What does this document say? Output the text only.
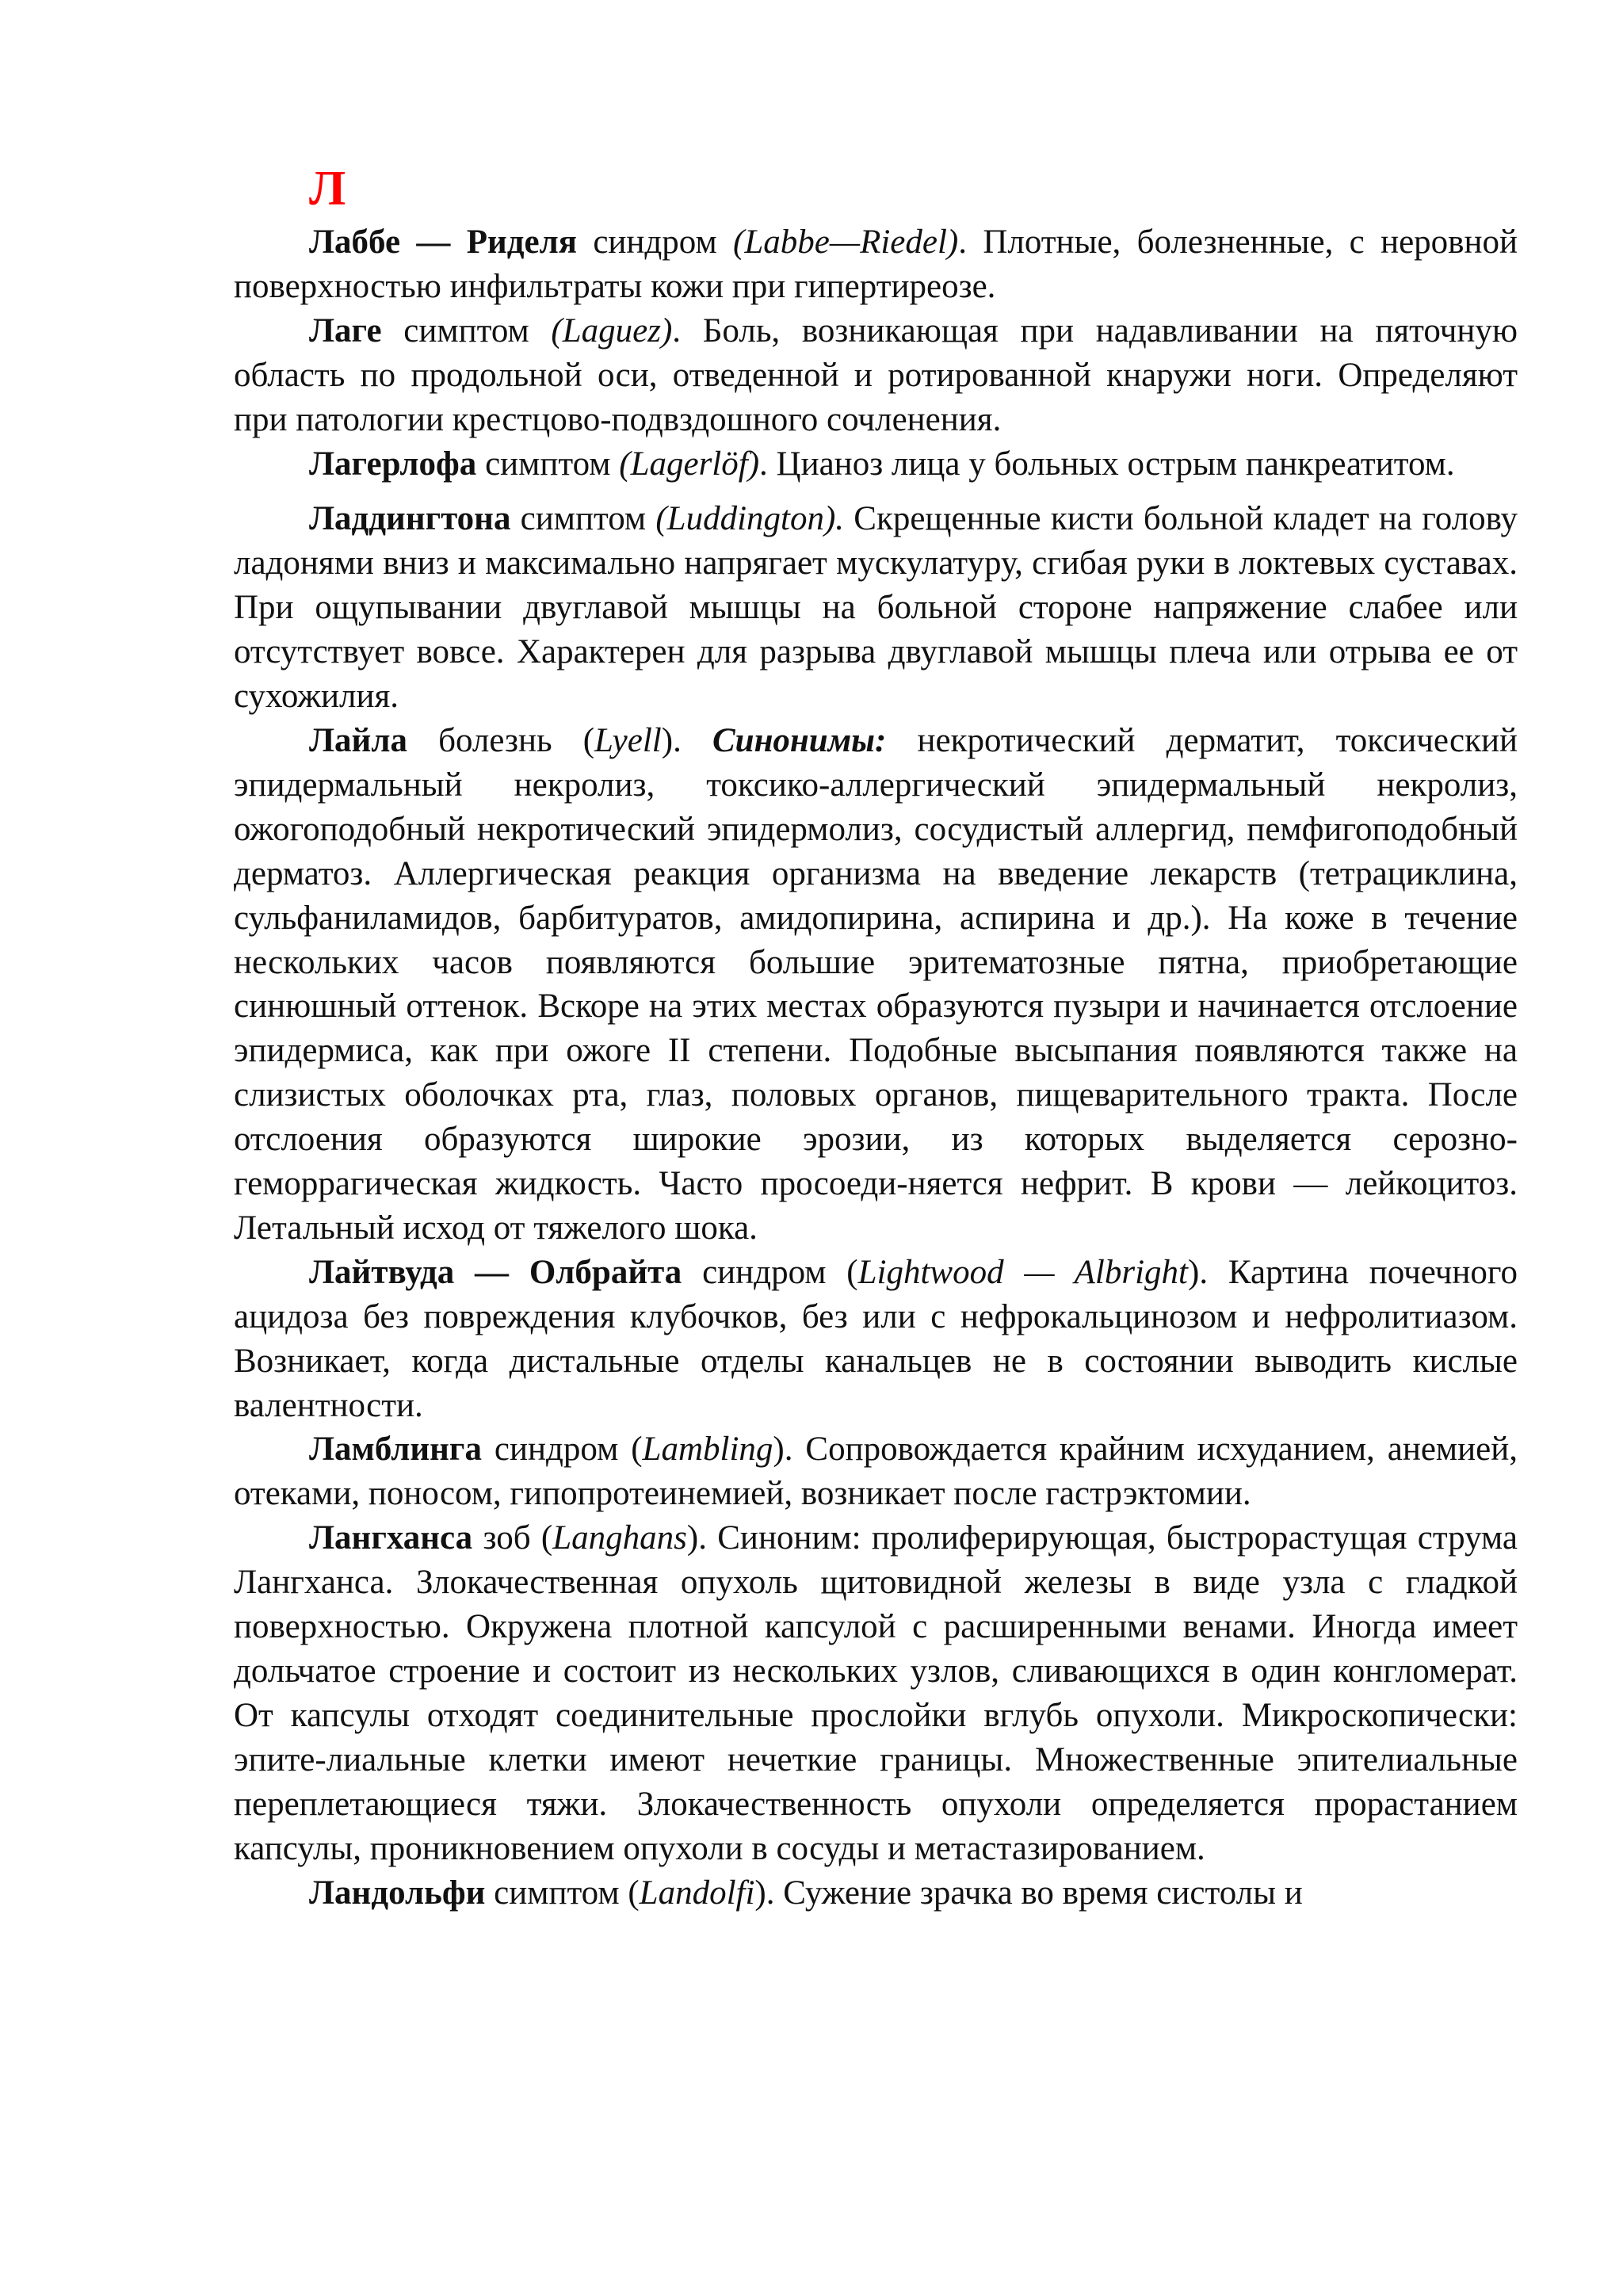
Л

Лаббе — Риделя синдром (Labbe—Riedel). Плотные, болезненные, с неровной поверхностью инфильтраты кожи при гипертиреозе.

Лаге симптом (Laguez). Боль, возникающая при надавливании на пяточную область по продольной оси, отведенной и ротированной кнаружи ноги. Определяют при патологии крестцово-подвздошного сочленения.

Лагерлофа симптом (Lagerlöf). Цианоз лица у больных острым панкреатитом.

Ладдингтона симптом (Luddington). Скрещенные кисти больной кладет на голову ладонями вниз и максимально напрягает мускулатуру, сгибая руки в локтевых суставах. При ощупывании двуглавой мышцы на больной стороне напряжение слабее или отсутствует вовсе. Характерен для разрыва двуглавой мышцы плеча или отрыва ее от сухожилия.

Лайла болезнь (Lyell). Синонимы: некротический дерматит, токсический эпидермальный некролиз, токсико-аллергический эпидермальный некролиз, ожогоподобный некротический эпидермолиз, сосудистый аллергид, пемфигоподобный дерматоз. Аллергическая реакция организма на введение лекарств (тетрациклина, сульфаниламидов, барбитуратов, амидопирина, аспирина и др.). На коже в течение нескольких часов появляются большие эритематозные пятна, приобретающие синюшный оттенок. Вскоре на этих местах образуются пузыри и начинается отслоение эпидермиса, как при ожоге II степени. Подобные высыпания появляются также на слизистых оболочках рта, глаз, половых органов, пищеварительного тракта. После отслоения образуются широкие эрозии, из которых выделяется серозно-геморрагическая жидкость. Часто просоеди-няется нефрит. В крови — лейкоцитоз. Летальный исход от тяжелого шока.

Лайтвуда — Олбрайта синдром (Lightwood — Albright). Картина почечного ацидоза без повреждения клубочков, без или с нефрокальцинозом и нефролитиазом. Возникает, когда дистальные отделы канальцев не в состоянии выводить кислые валентности.

Ламблинга синдром (Lambling). Сопровождается крайним исхуданием, анемией, отеками, поносом, гипопротеинемией, возникает после гастрэктомии.

Лангханса зоб (Langhans). Синоним: пролиферирующая, быстрорастущая струма Лангханса. Злокачественная опухоль щитовидной железы в виде узла с гладкой поверхностью. Окружена плотной капсулой с расширенными венами. Иногда имеет дольчатое строение и состоит из нескольких узлов, сливающихся в один конгломерат. От капсулы отходят соединительные прослойки вглубь опухоли. Микроскопически: эпите-лиальные клетки имеют нечеткие границы. Множественные эпителиальные переплетающиеся тяжи. Злокачественность опухоли определяется прорастанием капсулы, проникновением опухоли в сосуды и метастазированием.

Ландольфи симптом (Landolfi). Сужение зрачка во время систолы и
